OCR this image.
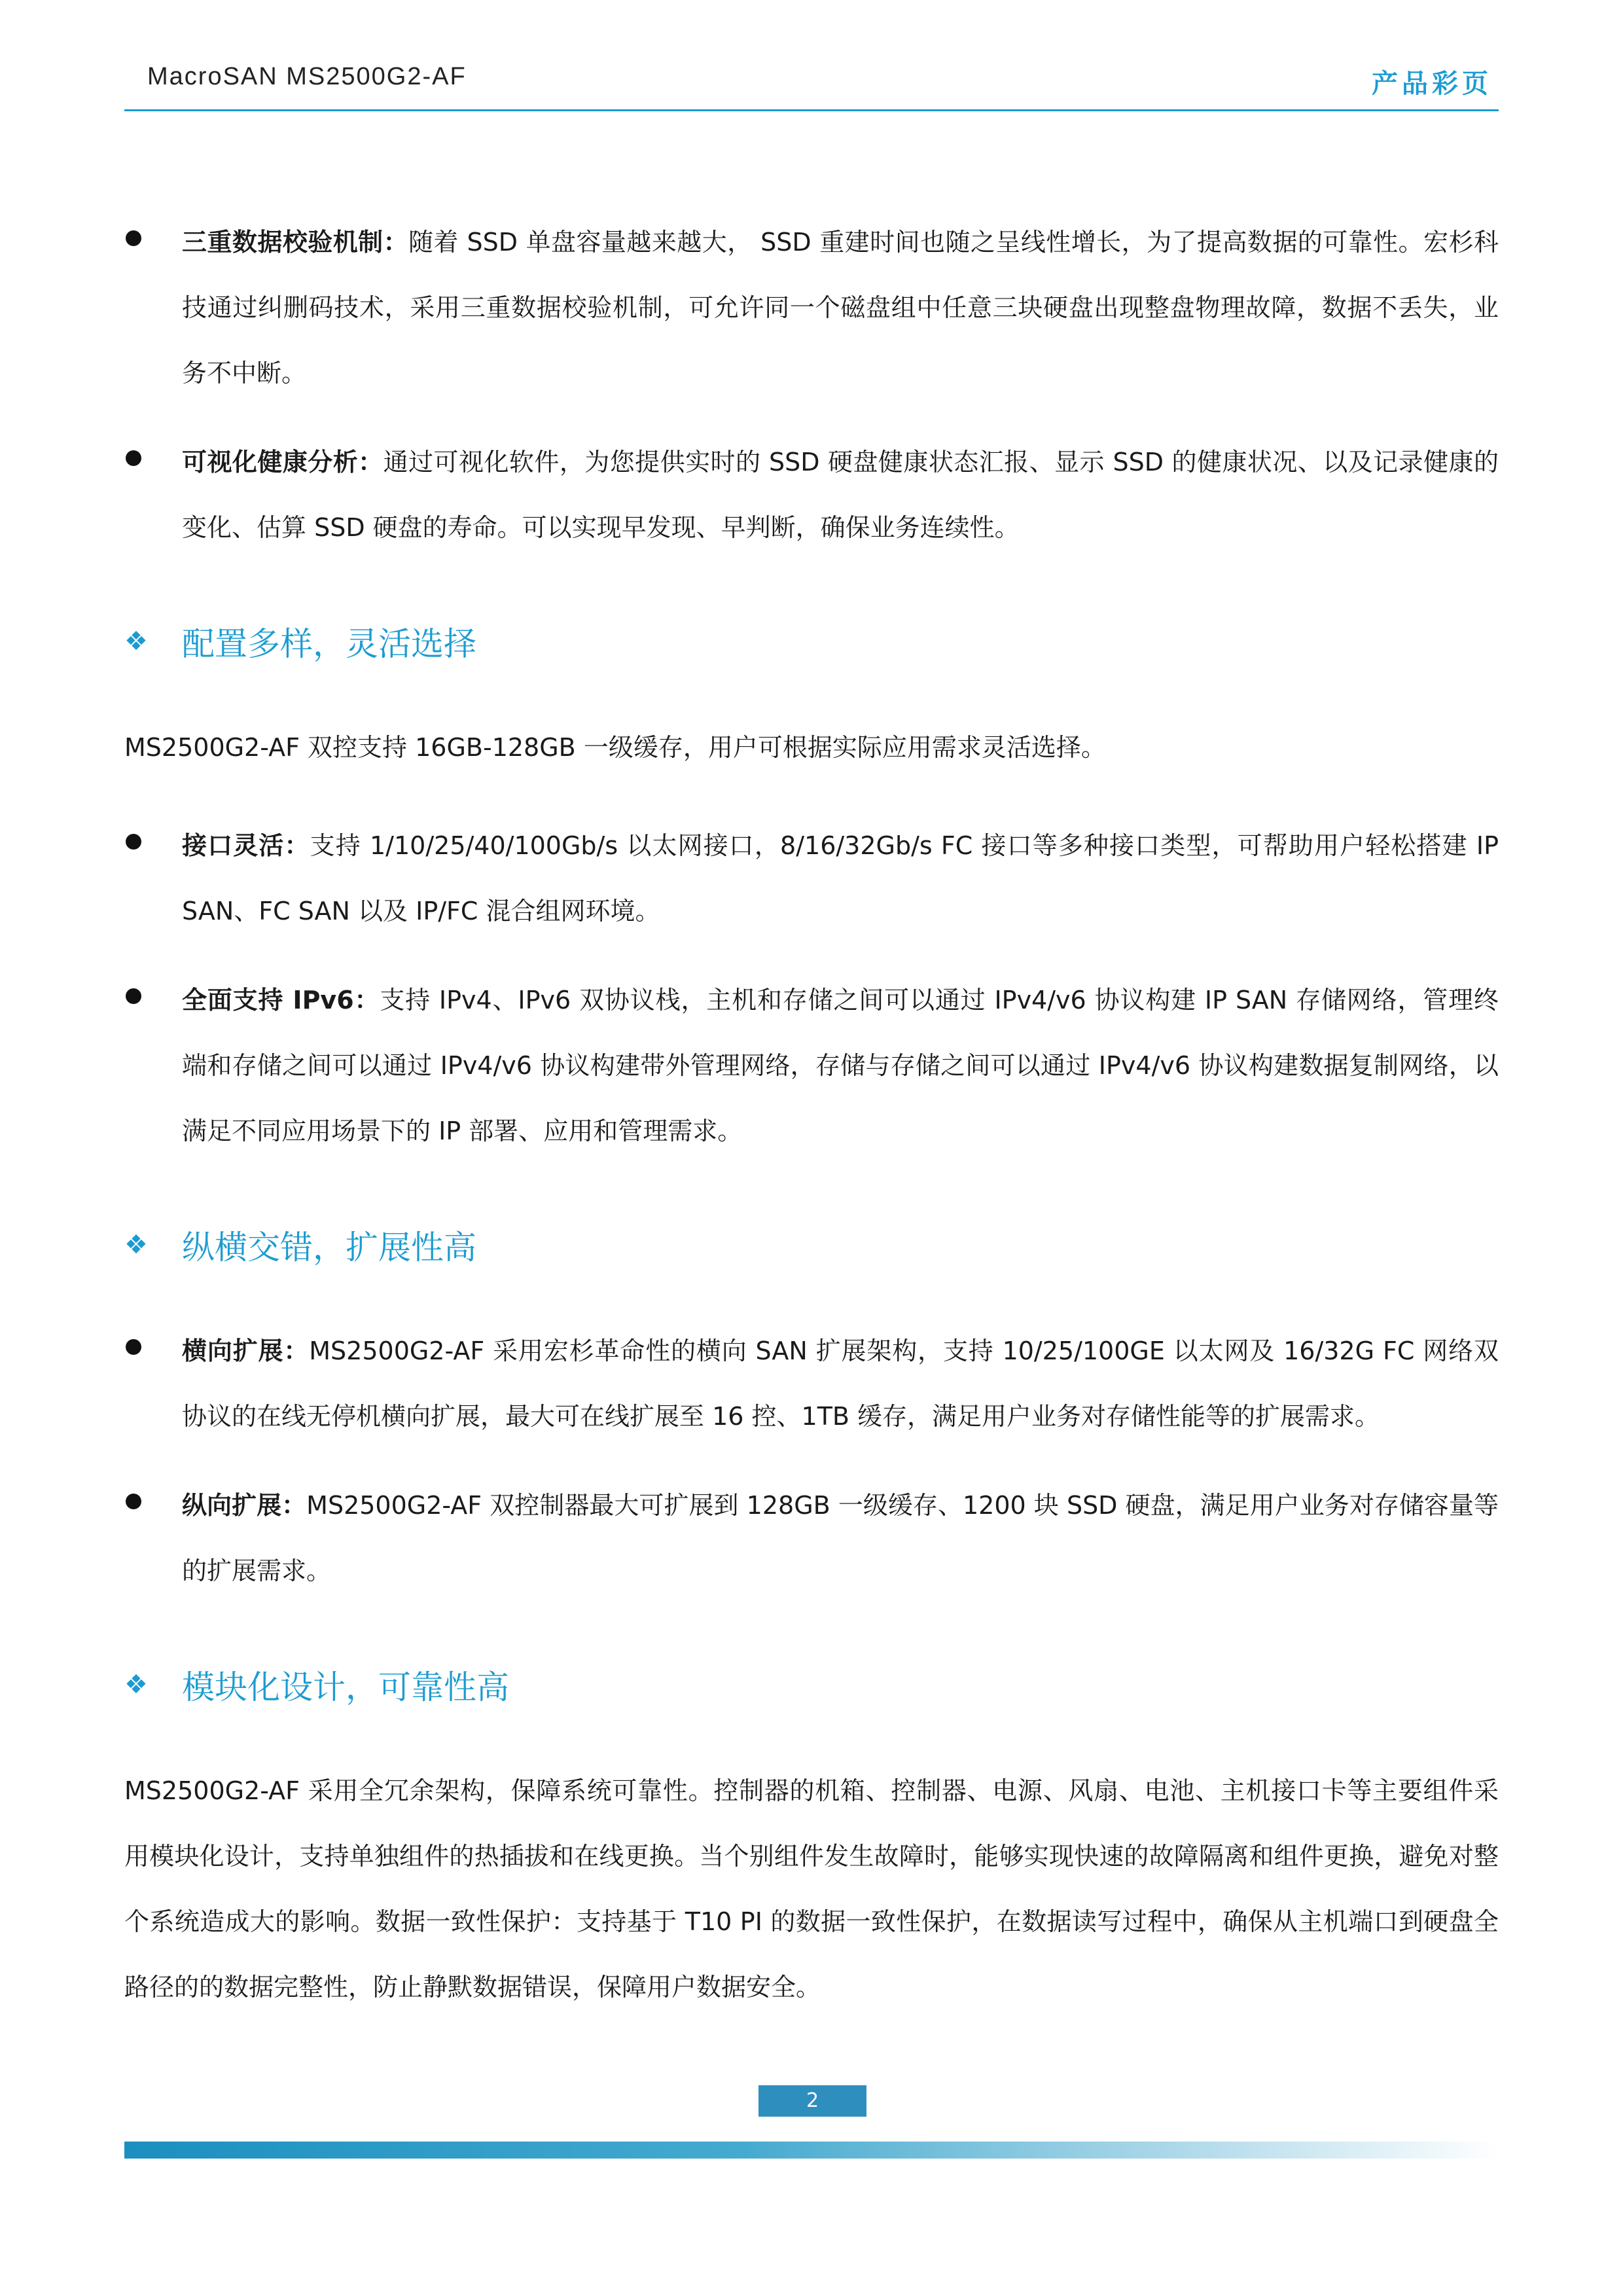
MacroSAN MS2500G2-AF	产品彩页

三重数据校验机制：随着 SSD 单盘容量越来越大， SSD 重建时间也随之呈线性增长，为了提高数据的可靠性。宏杉科技通过纠删码技术，采用三重数据校验机制，可允许同一个磁盘组中任意三块硬盘出现整盘物理故障，数据不丢失，业务不中断。

可视化健康分析：通过可视化软件，为您提供实时的 SSD 硬盘健康状态汇报、显示 SSD 的健康状况、以及记录健康的变化、估算 SSD 硬盘的寿命。可以实现早发现、早判断，确保业务连续性。

❖	配置多样，灵活选择

MS2500G2-AF 双控支持 16GB-128GB 一级缓存，用户可根据实际应用需求灵活选择。

接口灵活：支持 1/10/25/40/100Gb/s 以太网接口，8/16/32Gb/s FC 接口等多种接口类型，可帮助用户轻松搭建 IP SAN、FC SAN 以及 IP/FC 混合组网环境。

全面支持 IPv6：支持 IPv4、IPv6 双协议栈，主机和存储之间可以通过 IPv4/v6 协议构建 IP SAN 存储网络，管理终端和存储之间可以通过 IPv4/v6 协议构建带外管理网络，存储与存储之间可以通过 IPv4/v6 协议构建数据复制网络，以满足不同应用场景下的 IP 部署、应用和管理需求。

❖	纵横交错，扩展性高

横向扩展：MS2500G2-AF 采用宏杉革命性的横向 SAN 扩展架构，支持 10/25/100GE 以太网及 16/32G FC 网络双协议的在线无停机横向扩展，最大可在线扩展至 16 控、1TB 缓存，满足用户业务对存储性能等的扩展需求。

纵向扩展：MS2500G2-AF 双控制器最大可扩展到 128GB 一级缓存、1200 块 SSD 硬盘，满足用户业务对存储容量等的扩展需求。

❖	模块化设计，可靠性高

MS2500G2-AF 采用全冗余架构，保障系统可靠性。控制器的机箱、控制器、电源、风扇、电池、主机接口卡等主要组件采用模块化设计，支持单独组件的热插拔和在线更换。当个别组件发生故障时，能够实现快速的故障隔离和组件更换，避免对整个系统造成大的影响。数据一致性保护：支持基于 T10 PI 的数据一致性保护，在数据读写过程中，确保从主机端口到硬盘全路径的的数据完整性，防止静默数据错误，保障用户数据安全。

2
